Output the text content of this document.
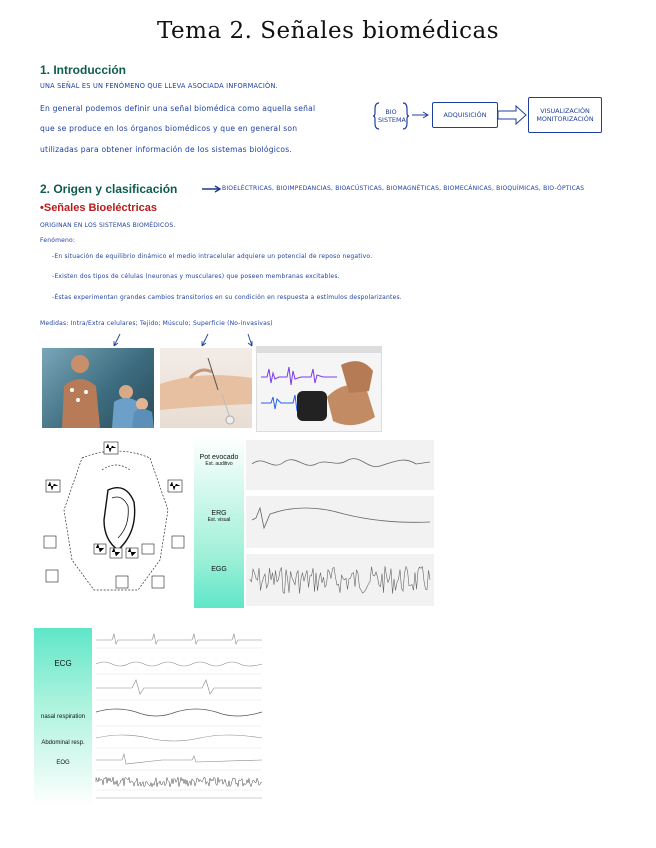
Tema 2. Señales biomédicas
1. Introducción
UNA SEÑAL ES UN FENÓMENO QUE LLEVA ASOCIADA INFORMACIÓN.
En general podemos definir una señal biomédica como aquella señal
que se produce en los órganos biomédicos y que en general son
utilizadas para obtener información de los sistemas biológicos.
BIO SISTEMA
ADQUISICIÓN
VISUALIZACIÓN MONITORIZACIÓN
2. Origen y clasificación	BIOELÉCTRICAS, BIOIMPEDANCIAS, BIOACÚSTICAS, BIOMAGNÉTICAS, BIOMECÁNICAS, BIOQUÍMICAS, BIO-ÓPTICAS
•Señales Bioeléctricas
ORIGINAN EN LOS SISTEMAS BIOMÉDICOS.
Fenómeno:
-En situación de equilibrio dinámico el medio intracelular adquiere un potencial de reposo negativo.
-Existen dos tipos de células (neuronas y musculares) que poseen membranas excitables.
-Éstas experimentan grandes cambios transitorios en su condición en respuesta a estímulos despolarizantes.
Medidas: Intra/Extra celulares; Tejido; Músculo; Superficie (No-invasivas)
Pot evocado
Est. auditivo
ERG
Est. visual
EGG
ECG
nasal respiration
Abdominal resp.
EOG
